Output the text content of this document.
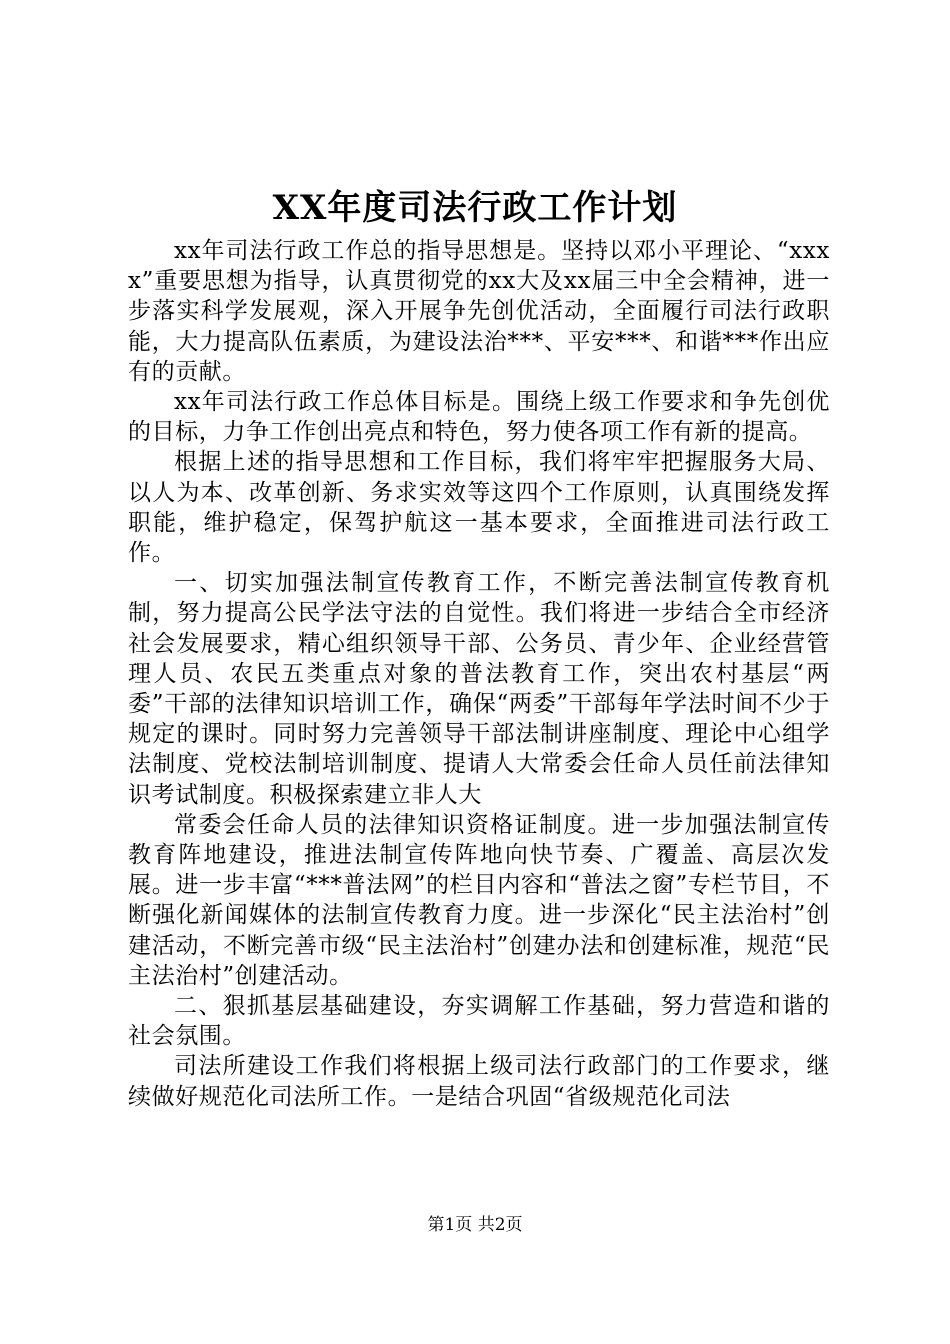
XX年度司法行政工作计划

xx年司法行政工作总的指导思想是。坚持以邓小平理论、“xxxx”重要思想为指导，认真贯彻党的xx大及xx届三中全会精神，进一步落实科学发展观，深入开展争先创优活动，全面履行司法行政职能，大力提高队伍素质，为建设法治***、平安***、和谐***作出应有的贡献。

xx年司法行政工作总体目标是。围绕上级工作要求和争先创优的目标，力争工作创出亮点和特色，努力使各项工作有新的提高。

根据上述的指导思想和工作目标，我们将牢牢把握服务大局、以人为本、改革创新、务求实效等这四个工作原则，认真围绕发挥职能，维护稳定，保驾护航这一基本要求，全面推进司法行政工作。

一、切实加强法制宣传教育工作，不断完善法制宣传教育机制，努力提高公民学法守法的自觉性。我们将进一步结合全市经济社会发展要求，精心组织领导干部、公务员、青少年、企业经营管理人员、农民五类重点对象的普法教育工作，突出农村基层“两委”干部的法律知识培训工作，确保“两委”干部每年学法时间不少于规定的课时。同时努力完善领导干部法制讲座制度、理论中心组学法制度、党校法制培训制度、提请人大常委会任命人员任前法律知识考试制度。积极探索建立非人大

常委会任命人员的法律知识资格证制度。进一步加强法制宣传教育阵地建设，推进法制宣传阵地向快节奏、广覆盖、高层次发展。进一步丰富“***普法网”的栏目内容和“普法之窗”专栏节目，不断强化新闻媒体的法制宣传教育力度。进一步深化“民主法治村”创建活动，不断完善市级“民主法治村”创建办法和创建标准，规范“民主法治村”创建活动。

二、狠抓基层基础建设，夯实调解工作基础，努力营造和谐的社会氛围。

司法所建设工作我们将根据上级司法行政部门的工作要求，继续做好规范化司法所工作。一是结合巩固“省级规范化司法

第1页 共2页
